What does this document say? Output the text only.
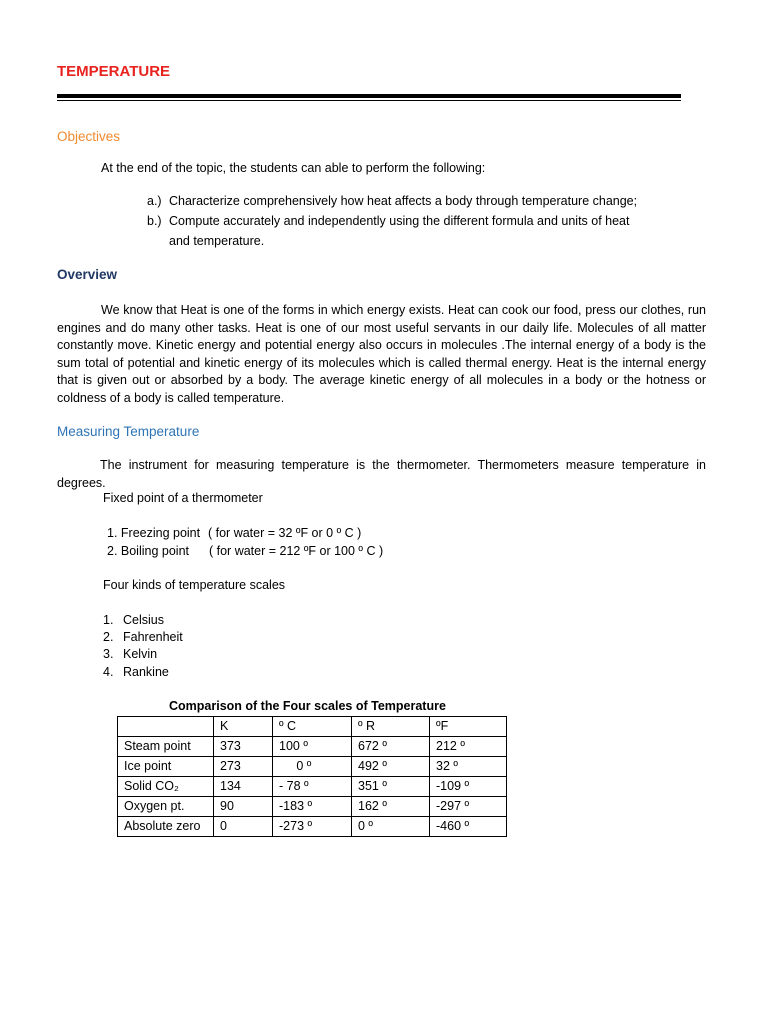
TEMPERATURE
Objectives
At the end of the topic, the students can able to perform the following:
a.) Characterize comprehensively how heat affects a body through temperature change;
b.) Compute accurately and independently using the different formula and units of heat
and temperature.
Overview
We know that Heat is one of the forms in which energy exists. Heat can cook our food, press our clothes, run engines and do many other tasks. Heat is one of our most useful servants in our daily life. Molecules of all matter constantly move. Kinetic energy and potential energy also occurs in molecules .The internal energy of a body is the sum total of potential and kinetic energy of its molecules which is called thermal energy. Heat is the internal energy that is given out or absorbed by a body. The average kinetic energy of all molecules in a body or the hotness or coldness of a body is called temperature.
Measuring Temperature
The instrument for measuring temperature is the thermometer. Thermometers measure temperature in degrees.
Fixed point of a thermometer
1. Freezing point ( for water = 32 ºF or 0 º C )
2. Boiling point ( for water = 212 ºF or 100 º C )
Four kinds of temperature scales
1. Celsius
2. Fahrenheit
3. Kelvin
4. Rankine
Comparison of the Four scales of Temperature
	K	º C	º R	ºF
Steam point	373	100 º	672 º	212 º
Ice point	273	0 º	492 º	32 º
Solid CO₂	134	- 78 º	351 º	-109 º
Oxygen pt.	90	-183 º	162 º	-297 º
Absolute zero	0	-273 º	0 º	-460 º
